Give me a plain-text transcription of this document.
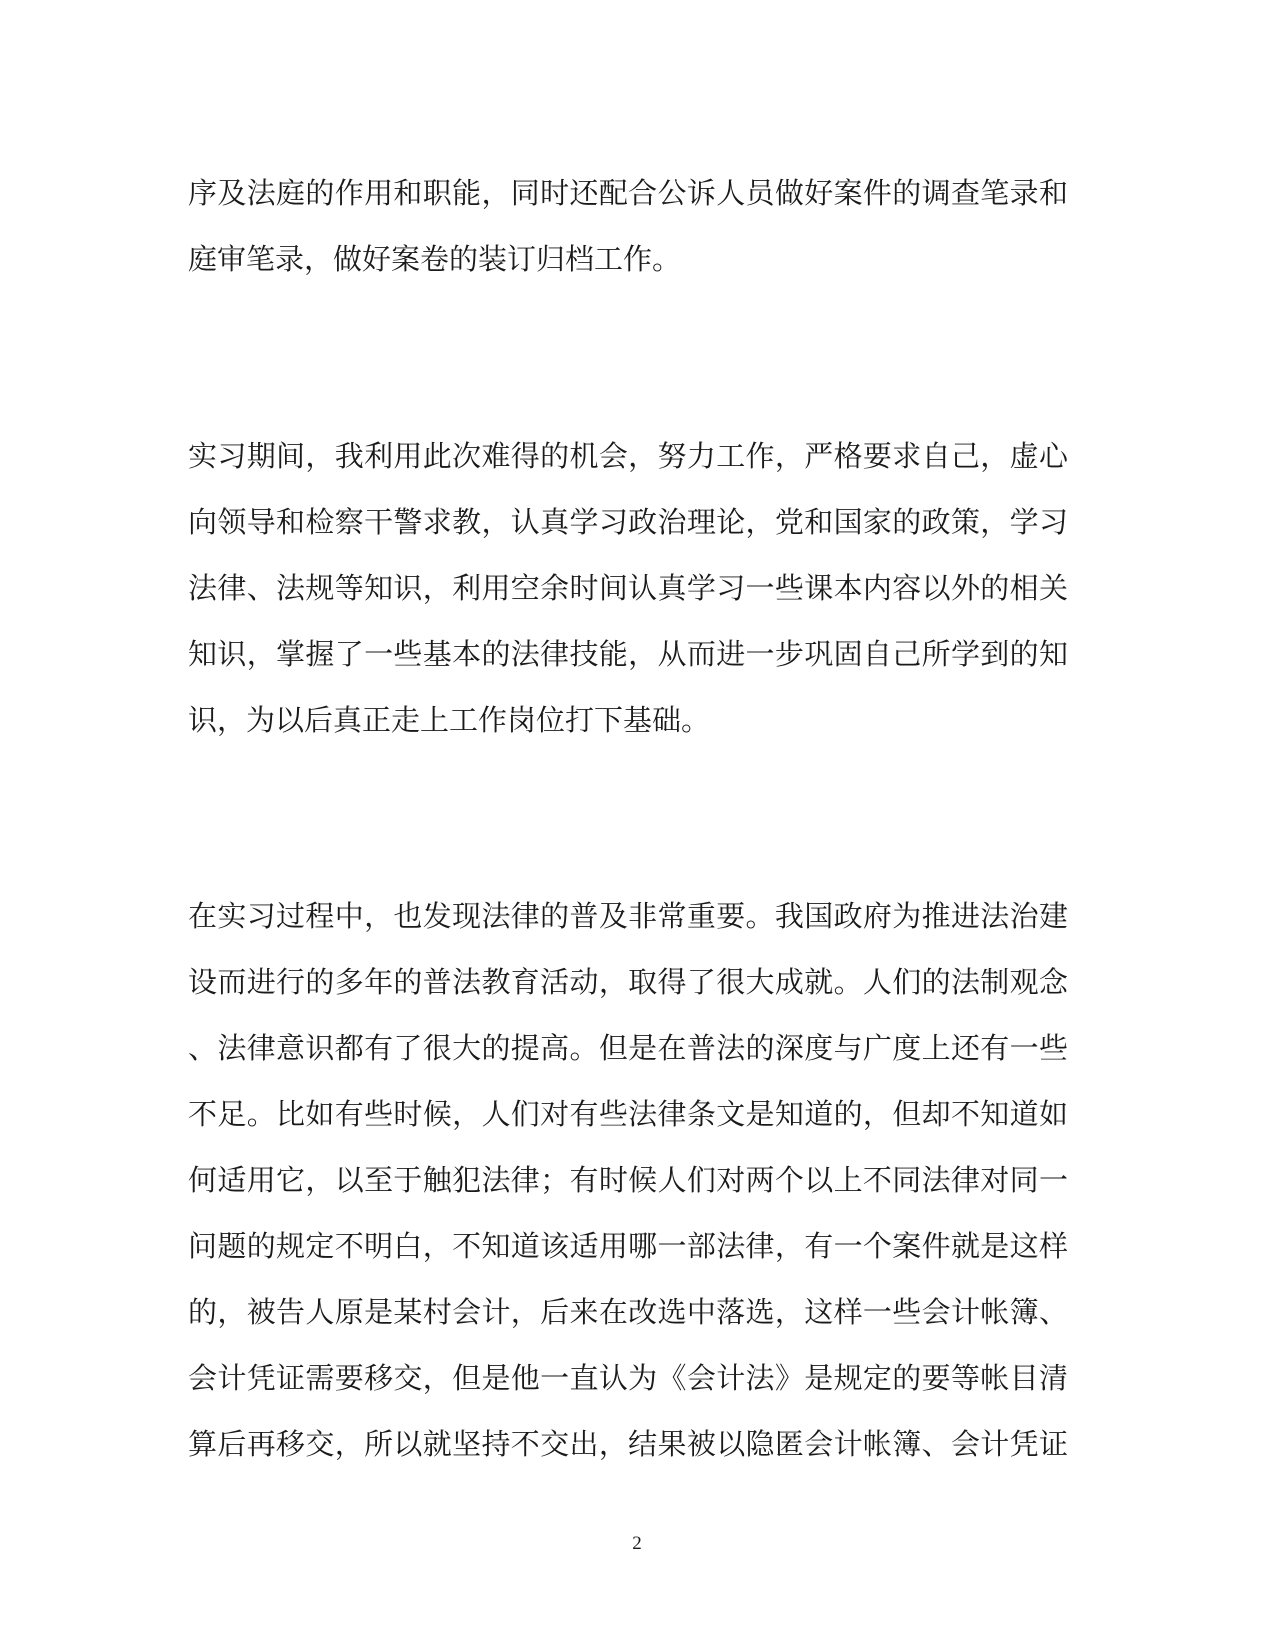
序及法庭的作用和职能，同时还配合公诉人员做好案件的调查笔录和
庭审笔录，做好案卷的装订归档工作。
实习期间，我利用此次难得的机会，努力工作，严格要求自己，虚心
向领导和检察干警求教，认真学习政治理论，党和国家的政策，学习
法律、法规等知识，利用空余时间认真学习一些课本内容以外的相关
知识，掌握了一些基本的法律技能，从而进一步巩固自己所学到的知
识，为以后真正走上工作岗位打下基础。
在实习过程中，也发现法律的普及非常重要。我国政府为推进法治建
设而进行的多年的普法教育活动，取得了很大成就。人们的法制观念
、法律意识都有了很大的提高。但是在普法的深度与广度上还有一些
不足。比如有些时候，人们对有些法律条文是知道的，但却不知道如
何适用它，以至于触犯法律；有时候人们对两个以上不同法律对同一
问题的规定不明白，不知道该适用哪一部法律，有一个案件就是这样
的，被告人原是某村会计，后来在改选中落选，这样一些会计帐簿、
会计凭证需要移交，但是他一直认为《会计法》是规定的要等帐目清
算后再移交，所以就坚持不交出，结果被以隐匿会计帐簿、会计凭证
2
